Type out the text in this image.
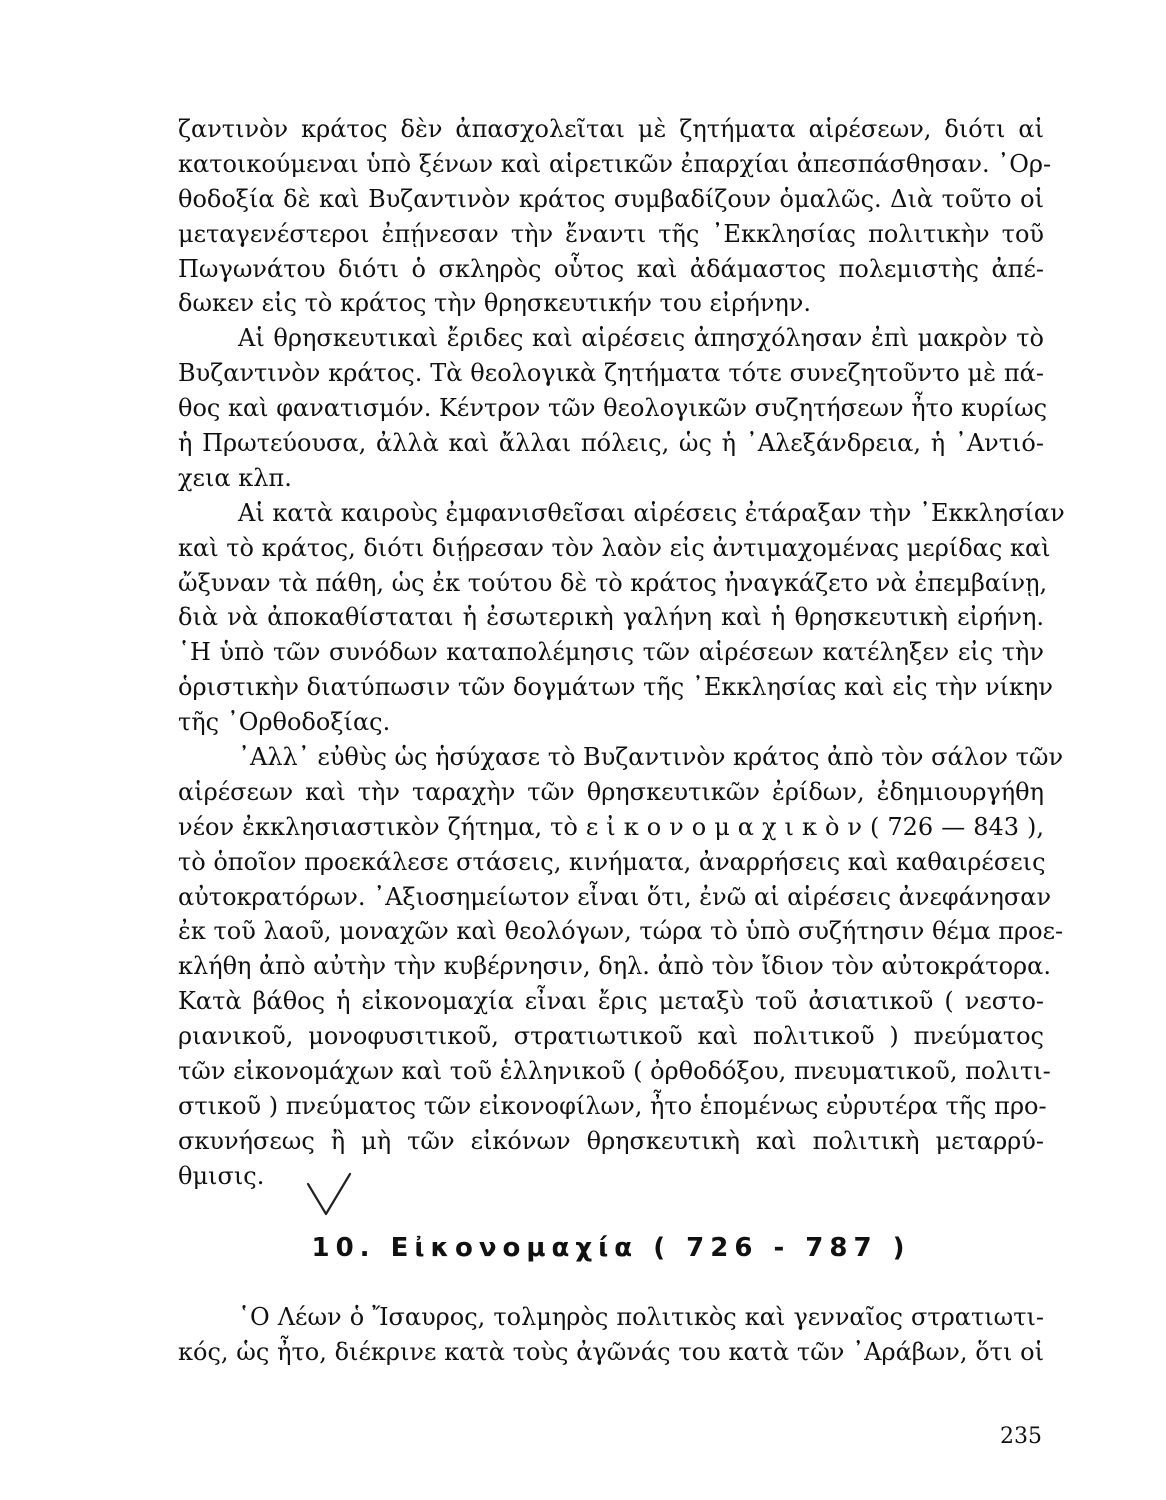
ζαντινὸν κράτος δὲν ἀπασχολεῖται μὲ ζητήματα αἱρέσεων, διότι αἱ
κατοικούμεναι ὑπὸ ξένων καὶ αἱρετικῶν ἐπαρχίαι ἀπεσπάσθησαν. ᾿Ορ-
θοδοξία δὲ καὶ Βυζαντινὸν κράτος συμβαδίζουν ὁμαλῶς. Διὰ τοῦτο οἱ
μεταγενέστεροι ἐπῄνεσαν τὴν ἔναντι τῆς ᾿Εκκλησίας πολιτικὴν τοῦ
Πωγωνάτου διότι ὁ σκληρὸς οὗτος καὶ ἀδάμαστος πολεμιστὴς ἀπέ-
δωκεν εἰς τὸ κράτος τὴν θρησκευτικήν του εἰρήνην.
Αἱ θρησκευτικαὶ ἔριδες καὶ αἱρέσεις ἀπησχόλησαν ἐπὶ μακρὸν τὸ
Βυζαντινὸν κράτος. Τὰ θεολογικὰ ζητήματα τότε συνεζητοῦντο μὲ πά-
θος καὶ φανατισμόν. Κέντρον τῶν θεολογικῶν συζητήσεων ἦτο κυρίως
ἡ Πρωτεύουσα, ἀλλὰ καὶ ἄλλαι πόλεις, ὡς ἡ ᾿Αλεξάνδρεια, ἡ ᾿Αντιό-
χεια κλπ.
Αἱ κατὰ καιροὺς ἐμφανισθεῖσαι αἱρέσεις ἐτάραξαν τὴν ᾿Εκκλησίαν
καὶ τὸ κράτος, διότι διῄρεσαν τὸν λαὸν εἰς ἀντιμαχομένας μερίδας καὶ
ὤξυναν τὰ πάθη, ὡς ἐκ τούτου δὲ τὸ κράτος ἠναγκάζετο νὰ ἐπεμβαίνῃ,
διὰ νὰ ἀποκαθίσταται ἡ ἐσωτερικὴ γαλήνη καὶ ἡ θρησκευτικὴ εἰρήνη.
῾Η ὑπὸ τῶν συνόδων καταπολέμησις τῶν αἱρέσεων κατέληξεν εἰς τὴν
ὁριστικὴν διατύπωσιν τῶν δογμάτων τῆς ᾿Εκκλησίας καὶ εἰς τὴν νίκην
τῆς ᾿Ορθοδοξίας.
᾿Αλλ᾿ εὐθὺς ὡς ἡσύχασε τὸ Βυζαντινὸν κράτος ἀπὸ τὸν σάλον τῶν
αἱρέσεων καὶ τὴν ταραχὴν τῶν θρησκευτικῶν ἐρίδων, ἐδημιουργήθη
νέον ἐκκλησιαστικὸν ζήτημα, τὸ ε ἰ κ ο ν ο μ α χ ι κ ὸ ν ( 726 — 843 ),
τὸ ὁποῖον προεκάλεσε στάσεις, κινήματα, ἀναρρήσεις καὶ καθαιρέσεις
αὐτοκρατόρων. ᾿Αξιοσημείωτον εἶναι ὅτι, ἐνῶ αἱ αἱρέσεις ἀνεφάνησαν
ἐκ τοῦ λαοῦ, μοναχῶν καὶ θεολόγων, τώρα τὸ ὑπὸ συζήτησιν θέμα προε-
κλήθη ἀπὸ αὐτὴν τὴν κυβέρνησιν, δηλ. ἀπὸ τὸν ἴδιον τὸν αὐτοκράτορα.
Κατὰ βάθος ἡ εἰκονομαχία εἶναι ἔρις μεταξὺ τοῦ ἀσιατικοῦ ( νεστο-
ριανικοῦ, μονοφυσιτικοῦ, στρατιωτικοῦ καὶ πολιτικοῦ ) πνεύματος
τῶν εἰκονομάχων καὶ τοῦ ἑλληνικοῦ ( ὀρθοδόξου, πνευματικοῦ, πολιτι-
στικοῦ ) πνεύματος τῶν εἰκονοφίλων, ἦτο ἑπομένως εὐρυτέρα τῆς προ-
σκυνήσεως ἢ μὴ τῶν εἰκόνων θρησκευτικὴ καὶ πολιτικὴ μεταρρύ-
θμισις.
10. Εἰκονομαχία ( 726 - 787 )
῾Ο Λέων ὁ Ἴσαυρος, τολμηρὸς πολιτικὸς καὶ γενναῖος στρατιωτι-
κός, ὡς ἦτο, διέκρινε κατὰ τοὺς ἀγῶνάς του κατὰ τῶν ᾿Αράβων, ὅτι οἱ
235
